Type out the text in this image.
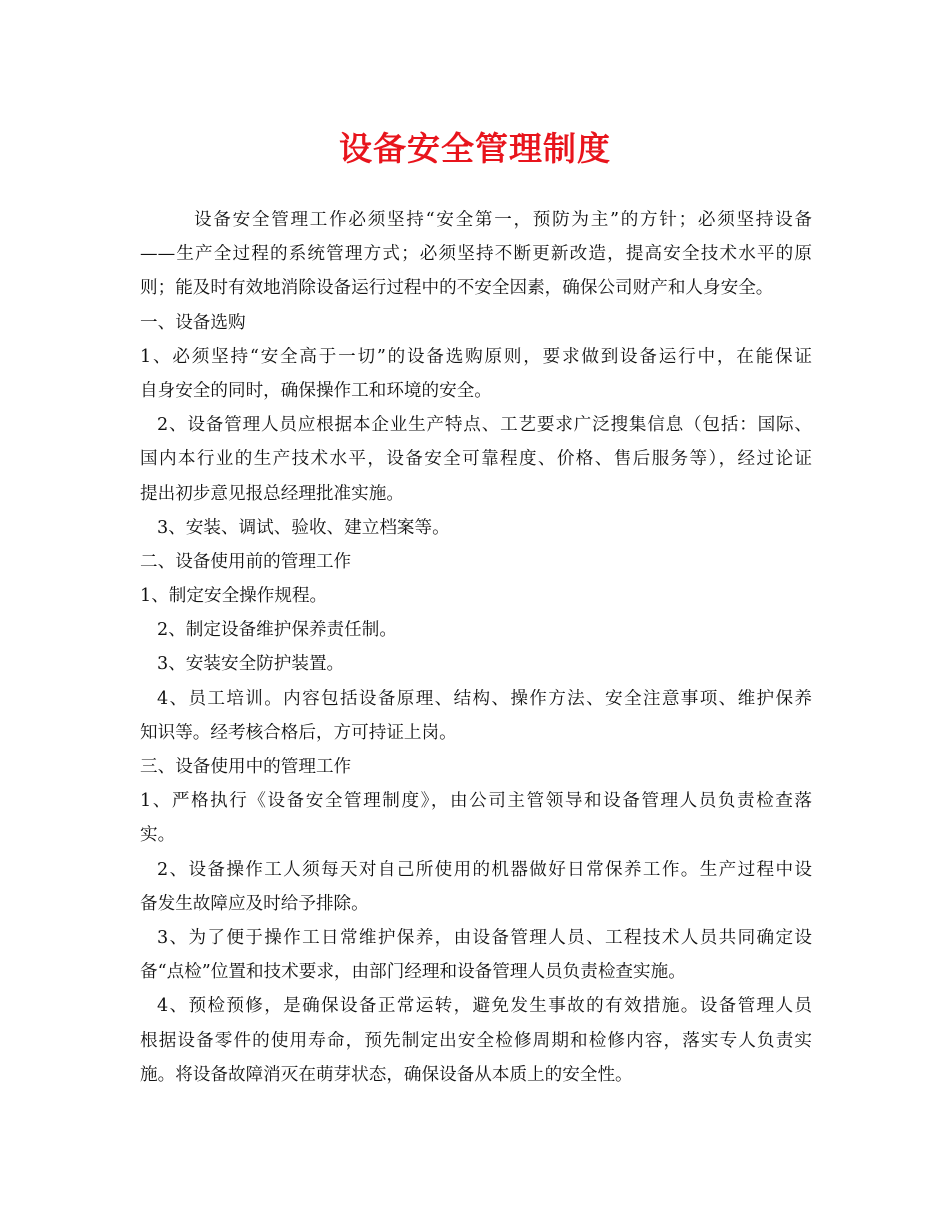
设备安全管理制度
设备安全管理工作必须坚持“安全第一，预防为主”的方针；必须坚持设备
——生产全过程的系统管理方式；必须坚持不断更新改造，提高安全技术水平的原
则；能及时有效地消除设备运行过程中的不安全因素，确保公司财产和人身安全。
一、设备选购
1、必须坚持“安全高于一切”的设备选购原则，要求做到设备运行中，在能保证
自身安全的同时，确保操作工和环境的安全。
2、设备管理人员应根据本企业生产特点、工艺要求广泛搜集信息（包括：国际、
国内本行业的生产技术水平，设备安全可靠程度、价格、售后服务等），经过论证
提出初步意见报总经理批准实施。
3、安装、调试、验收、建立档案等。
二、设备使用前的管理工作
1、制定安全操作规程。
2、制定设备维护保养责任制。
3、安装安全防护装置。
4、员工培训。内容包括设备原理、结构、操作方法、安全注意事项、维护保养
知识等。经考核合格后，方可持证上岗。
三、设备使用中的管理工作
1、严格执行《设备安全管理制度》，由公司主管领导和设备管理人员负责检查落
实。
2、设备操作工人须每天对自己所使用的机器做好日常保养工作。生产过程中设
备发生故障应及时给予排除。
3、为了便于操作工日常维护保养，由设备管理人员、工程技术人员共同确定设
备“点检”位置和技术要求，由部门经理和设备管理人员负责检查实施。
4、预检预修，是确保设备正常运转，避免发生事故的有效措施。设备管理人员
根据设备零件的使用寿命，预先制定出安全检修周期和检修内容，落实专人负责实
施。将设备故障消灭在萌芽状态，确保设备从本质上的安全性。
